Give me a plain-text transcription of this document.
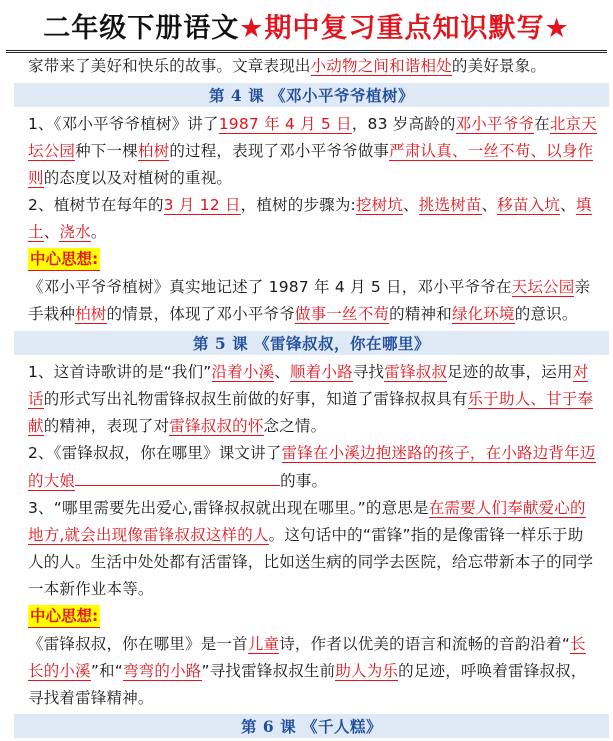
二年级下册语文 ★期中复习重点知识默写★

家带来了美好和快乐的故事。文章表现出小动物之间和谐相处的美好景象。

第 4 课 《邓小平爷爷植树》

1、《邓小平爷爷植树》讲了1987 年 4 月 5 日，83 岁高龄的邓小平爷爷在北京天坛公园种下一棵柏树的过程，表现了邓小平爷爷做事严肃认真、一丝不苟、以身作则的态度以及对植树的重视。

2、植树节在每年的3 月 12 日，植树的步骤为:挖树坑、挑选树苗、移苗入坑、填土、浇水。

中心思想:

《邓小平爷爷植树》真实地记述了 1987 年 4 月 5 日，邓小平爷爷在天坛公园亲手栽种柏树的情景，体现了邓小平爷爷做事一丝不苟的精神和绿化环境的意识。

第 5 课 《雷锋叔叔，你在哪里》

1、这首诗歌讲的是“我们”沿着小溪、顺着小路寻找雷锋叔叔足迹的故事，运用对话的形式写出礼物雷锋叔叔生前做的好事，知道了雷锋叔叔具有乐于助人、甘于奉献的精神，表现了对雷锋叔叔的怀念之情。

2、《雷锋叔叔，你在哪里》课文讲了雷锋在小溪边抱迷路的孩子，在小路边背年迈的大娘	的事。

3、“哪里需要先出爱心,雷锋叔叔就出现在哪里。”的意思是在需要人们奉献爱心的地方,就会出现像雷锋叔叔这样的人。这句话中的“雷锋”指的是像雷锋一样乐于助人的人。生活中处处都有活雷锋，比如送生病的同学去医院，给忘带新本子的同学一本新作业本等。

中心思想:

《雷锋叔叔，你在哪里》是一首儿童诗，作者以优美的语言和流畅的音韵沿着“长长的小溪”和“弯弯的小路”寻找雷锋叔叔生前助人为乐的足迹，呼唤着雷锋叔叔，寻找着雷锋精神。

第 6 课 《千人糕》
